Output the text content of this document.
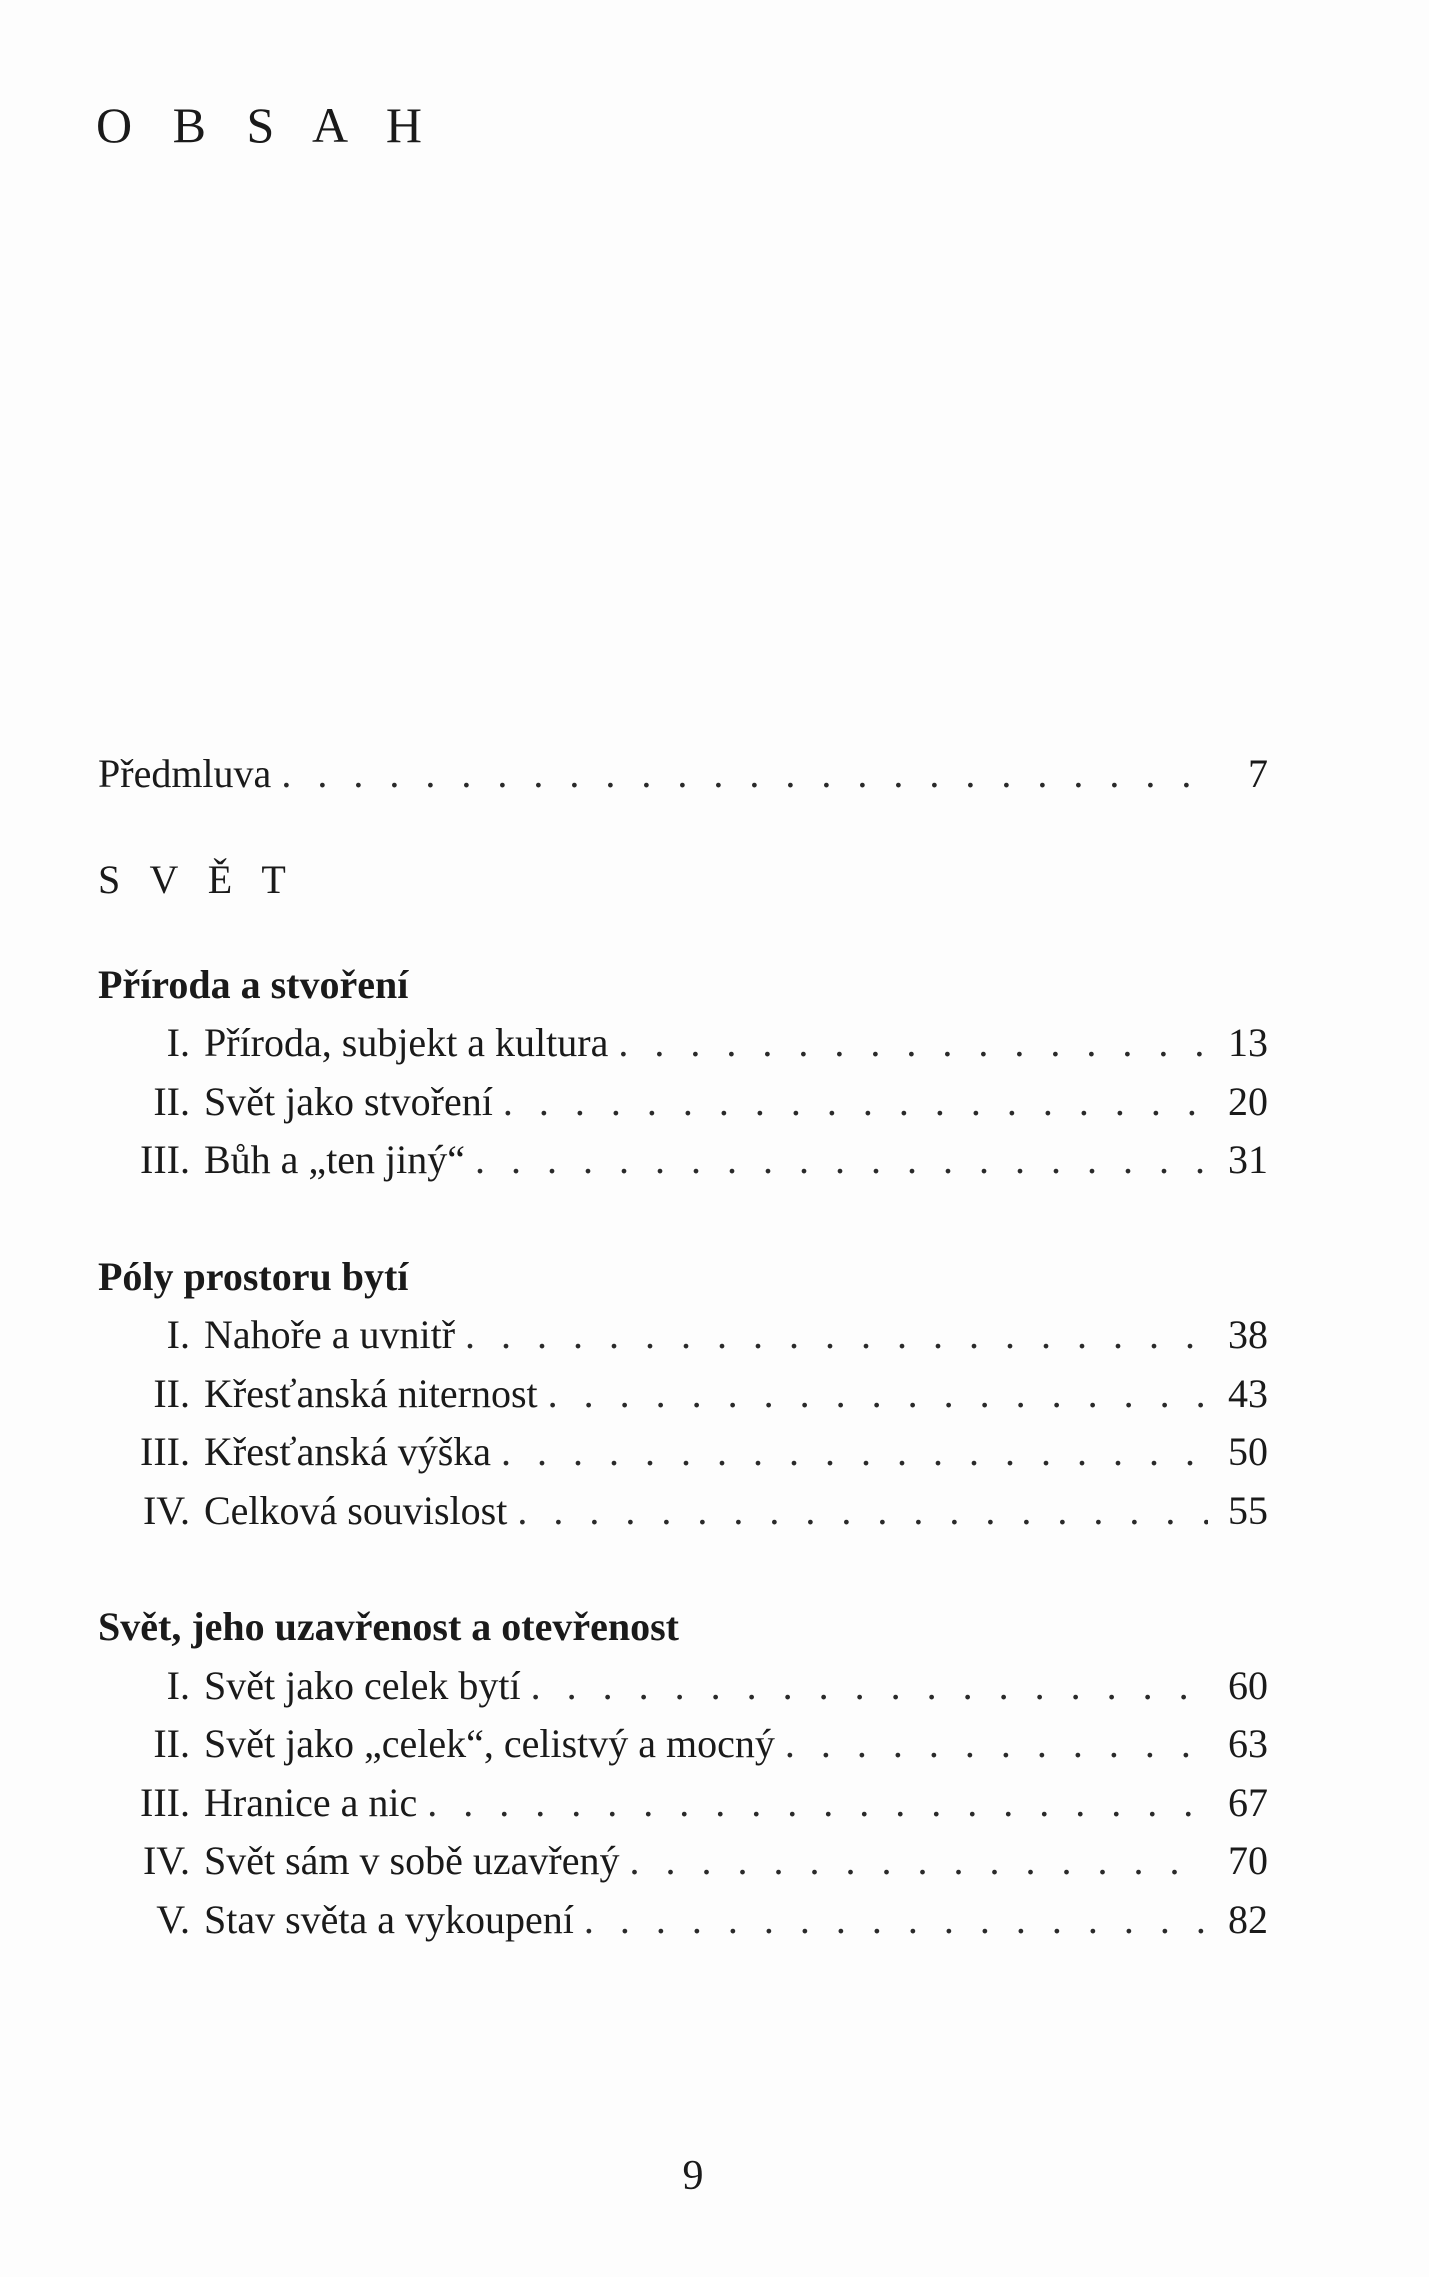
O B S A H
Předmluva . . .	7
S V Ě T
Příroda a stvoření
I. Příroda, subjekt a kultura . . .	13
II. Svět jako stvoření . . .	20
III. Bůh a „ten jiný“ . . .	31
Póly prostoru bytí
I. Nahoře a uvnitř . . .	38
II. Křesťanská niternost . . .	43
III. Křesťanská výška . . .	50
IV. Celková souvislost . . .	55
Svět, jeho uzavřenost a otevřenost
I. Svět jako celek bytí . . .	60
II. Svět jako „celek“, celistvý a mocný . . .	63
III. Hranice a nic . . .	67
IV. Svět sám v sobě uzavřený . . .	70
V. Stav světa a vykoupení . . .	82
9
